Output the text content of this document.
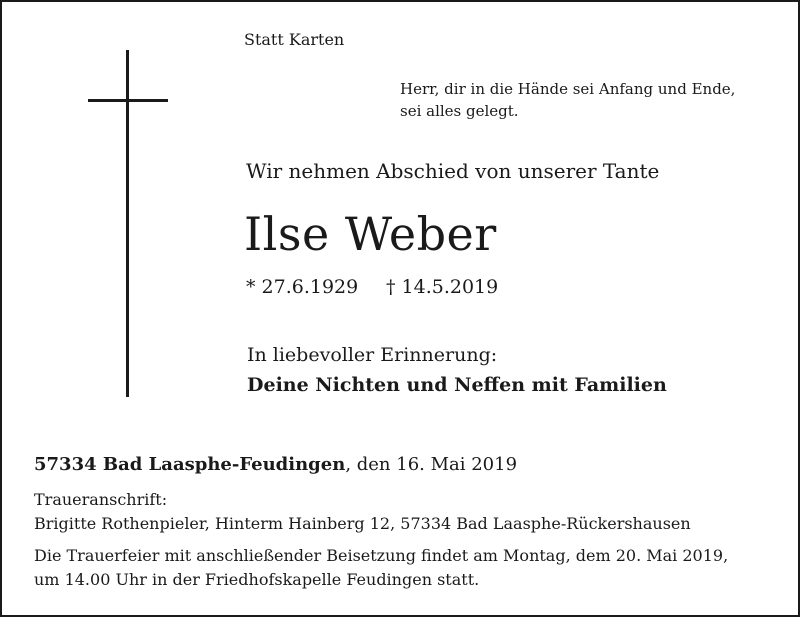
Statt Karten
Herr, dir in die Hände sei Anfang und Ende,
sei alles gelegt.
Wir nehmen Abschied von unserer Tante
Ilse Weber
* 27.6.1929 † 14.5.2019
In liebevoller Erinnerung:
Deine Nichten und Neffen mit Familien
57334 Bad Laasphe-Feudingen, den 16. Mai 2019
Traueranschrift:
Brigitte Rothenpieler, Hinterm Hainberg 12, 57334 Bad Laasphe-Rückershausen
Die Trauerfeier mit anschließender Beisetzung findet am Montag, dem 20. Mai 2019,
um 14.00 Uhr in der Friedhofskapelle Feudingen statt.
